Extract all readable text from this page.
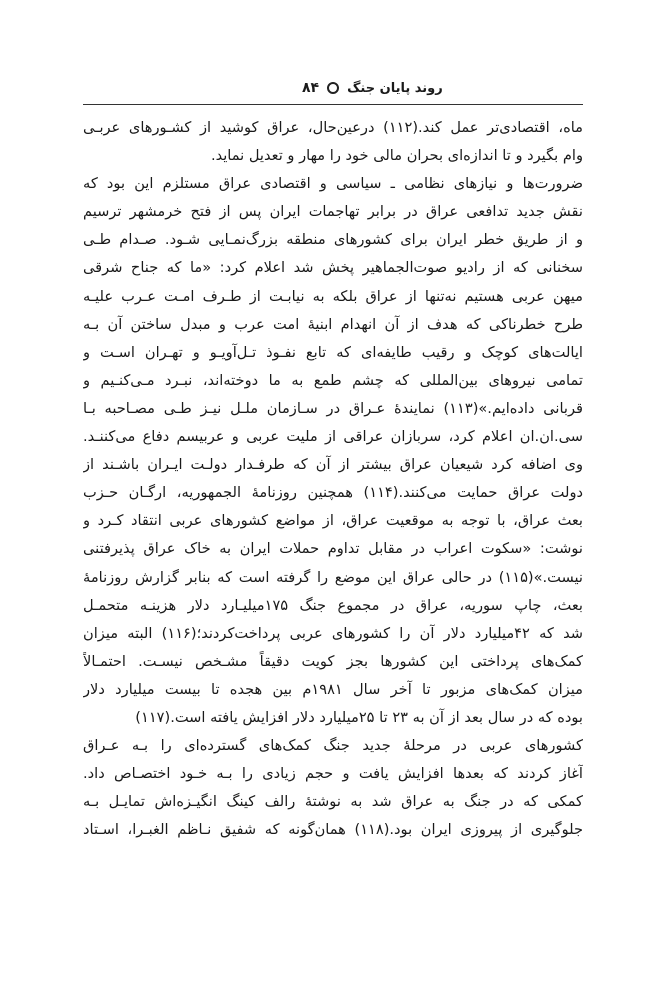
روند پایان جنگ
۸۴
ماه، اقتصادی‌تر عمل کند.(۱۱۲) درعین‌حال، عراق کوشید از کشـورهای عربـی
وام بگیرد و تا اندازه‌ای بحران مالی خود را مهار و تعدیل نماید.
ضرورت‌ها و نیازهای نظامی ـ سیاسی و اقتصادی عراق مستلزم این بود که
نقش جدید تدافعی عراق در برابر تهاجمات ایران پس از فتح خرمشهر ترسیم
و از طریق خطر ایران برای کشورهای منطقه بزرگ‌نمـایی شـود. صـدام طـی
سخنانی که از رادیو صوت‌الجماهیر پخش شد اعلام کرد: «ما که جناح شرقی
میهن عربی هستیم نه‌تنها از عراق بلکه به نیابـت از طـرف امـت عـرب علیـه
طرح خطرناکی که هدف از آن انهدام ابنیۀ امت عرب و مبدل ساختن آن بـه
ایالت‌های کوچک و رقیب طایفه‌ای که تابع نفـوذ تـل‌آویـو و تهـران اسـت و
تمامی نیروهای بین‌المللی که چشم طمع به ما دوخته‌اند، نبـرد مـی‌کنـیم و
قربانی داده‌ایم.»(۱۱۳) نمایندۀ عـراق در سـازمان ملـل نیـز طـی مصـاحبه بـا
سی.ان.ان اعلام کرد، سربازان عراقی از ملیت عربی و عربیسم دفاع می‌کننـد.
وی اضافه کرد شیعیان عراق بیشتر از آن که طرفـدار دولـت ایـران باشـند از
دولت عراق حمایت می‌کنند.(۱۱۴) همچنین روزنامۀ الجمهوریه، ارگـان حـزب
بعث عراق، با توجه به موقعیت عراق، از مواضع کشورهای عربی انتقاد کـرد و
نوشت: «سکوت اعراب در مقابل تداوم حملات ایران به خاک عراق پذیرفتنی
نیست.»(۱۱۵) در حالی عراق این موضع را گرفته است که بنابر گزارش روزنامۀ
بعث، چاپ سوریه، عراق در مجموع جنگ ۱۷۵میلیـارد دلار هزینـه متحمـل
شد که ۴۲میلیارد دلار آن را کشورهای عربی پرداخت‌کردند؛(۱۱۶) البته میزان
کمک‌های پرداختی این کشورها بجز کویت دقیقاً مشـخص نیسـت. احتمـالاً
میزان کمک‌های مزبور تا آخر سال ۱۹۸۱م بین هجده تا بیست میلیارد دلار
بوده که در سال بعد از آن به ۲۳ تا ۲۵میلیارد دلار افزایش یافته است.(۱۱۷)
کشورهای عربی در مرحلۀ جدید جنگ کمک‌های گسترده‌ای را بـه عـراق
آغاز کردند که بعدها افزایش یافت و حجم زیادی را بـه خـود اختصـاص داد.
کمکی که در جنگ به عراق شد به نوشتۀ رالف کینگ انگیـزه‌اش تمایـل بـه
جلوگیری از پیروزی ایران بود.(۱۱۸) همان‌گونه که شفیق نـاظم الغبـرا، اسـتاد
